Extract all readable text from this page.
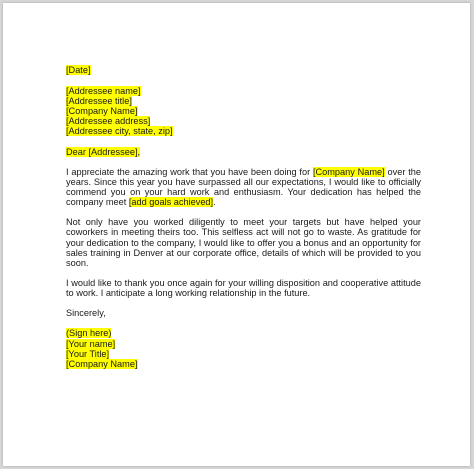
[Date]
[Addressee name]
[Addressee title]
[Company Name]
[Addressee address]
[Addressee city, state, zip]
Dear [Addressee],

I appreciate the amazing work that you have been doing for [Company Name] over the years. Since this year you have surpassed all our expectations, I would like to officially commend you on your hard work and enthusiasm. Your dedication has helped the company meet [add goals achieved].

Not only have you worked diligently to meet your targets but have helped your coworkers in meeting theirs too. This selfless act will not go to waste. As gratitude for your dedication to the company, I would like to offer you a bonus and an opportunity for sales training in Denver at our corporate office, details of which will be provided to you soon.

I would like to thank you once again for your willing disposition and cooperative attitude to work. I anticipate a long working relationship in the future.

Sincerely,
(Sign here)
[Your name]
[Your Title]
[Company Name]
